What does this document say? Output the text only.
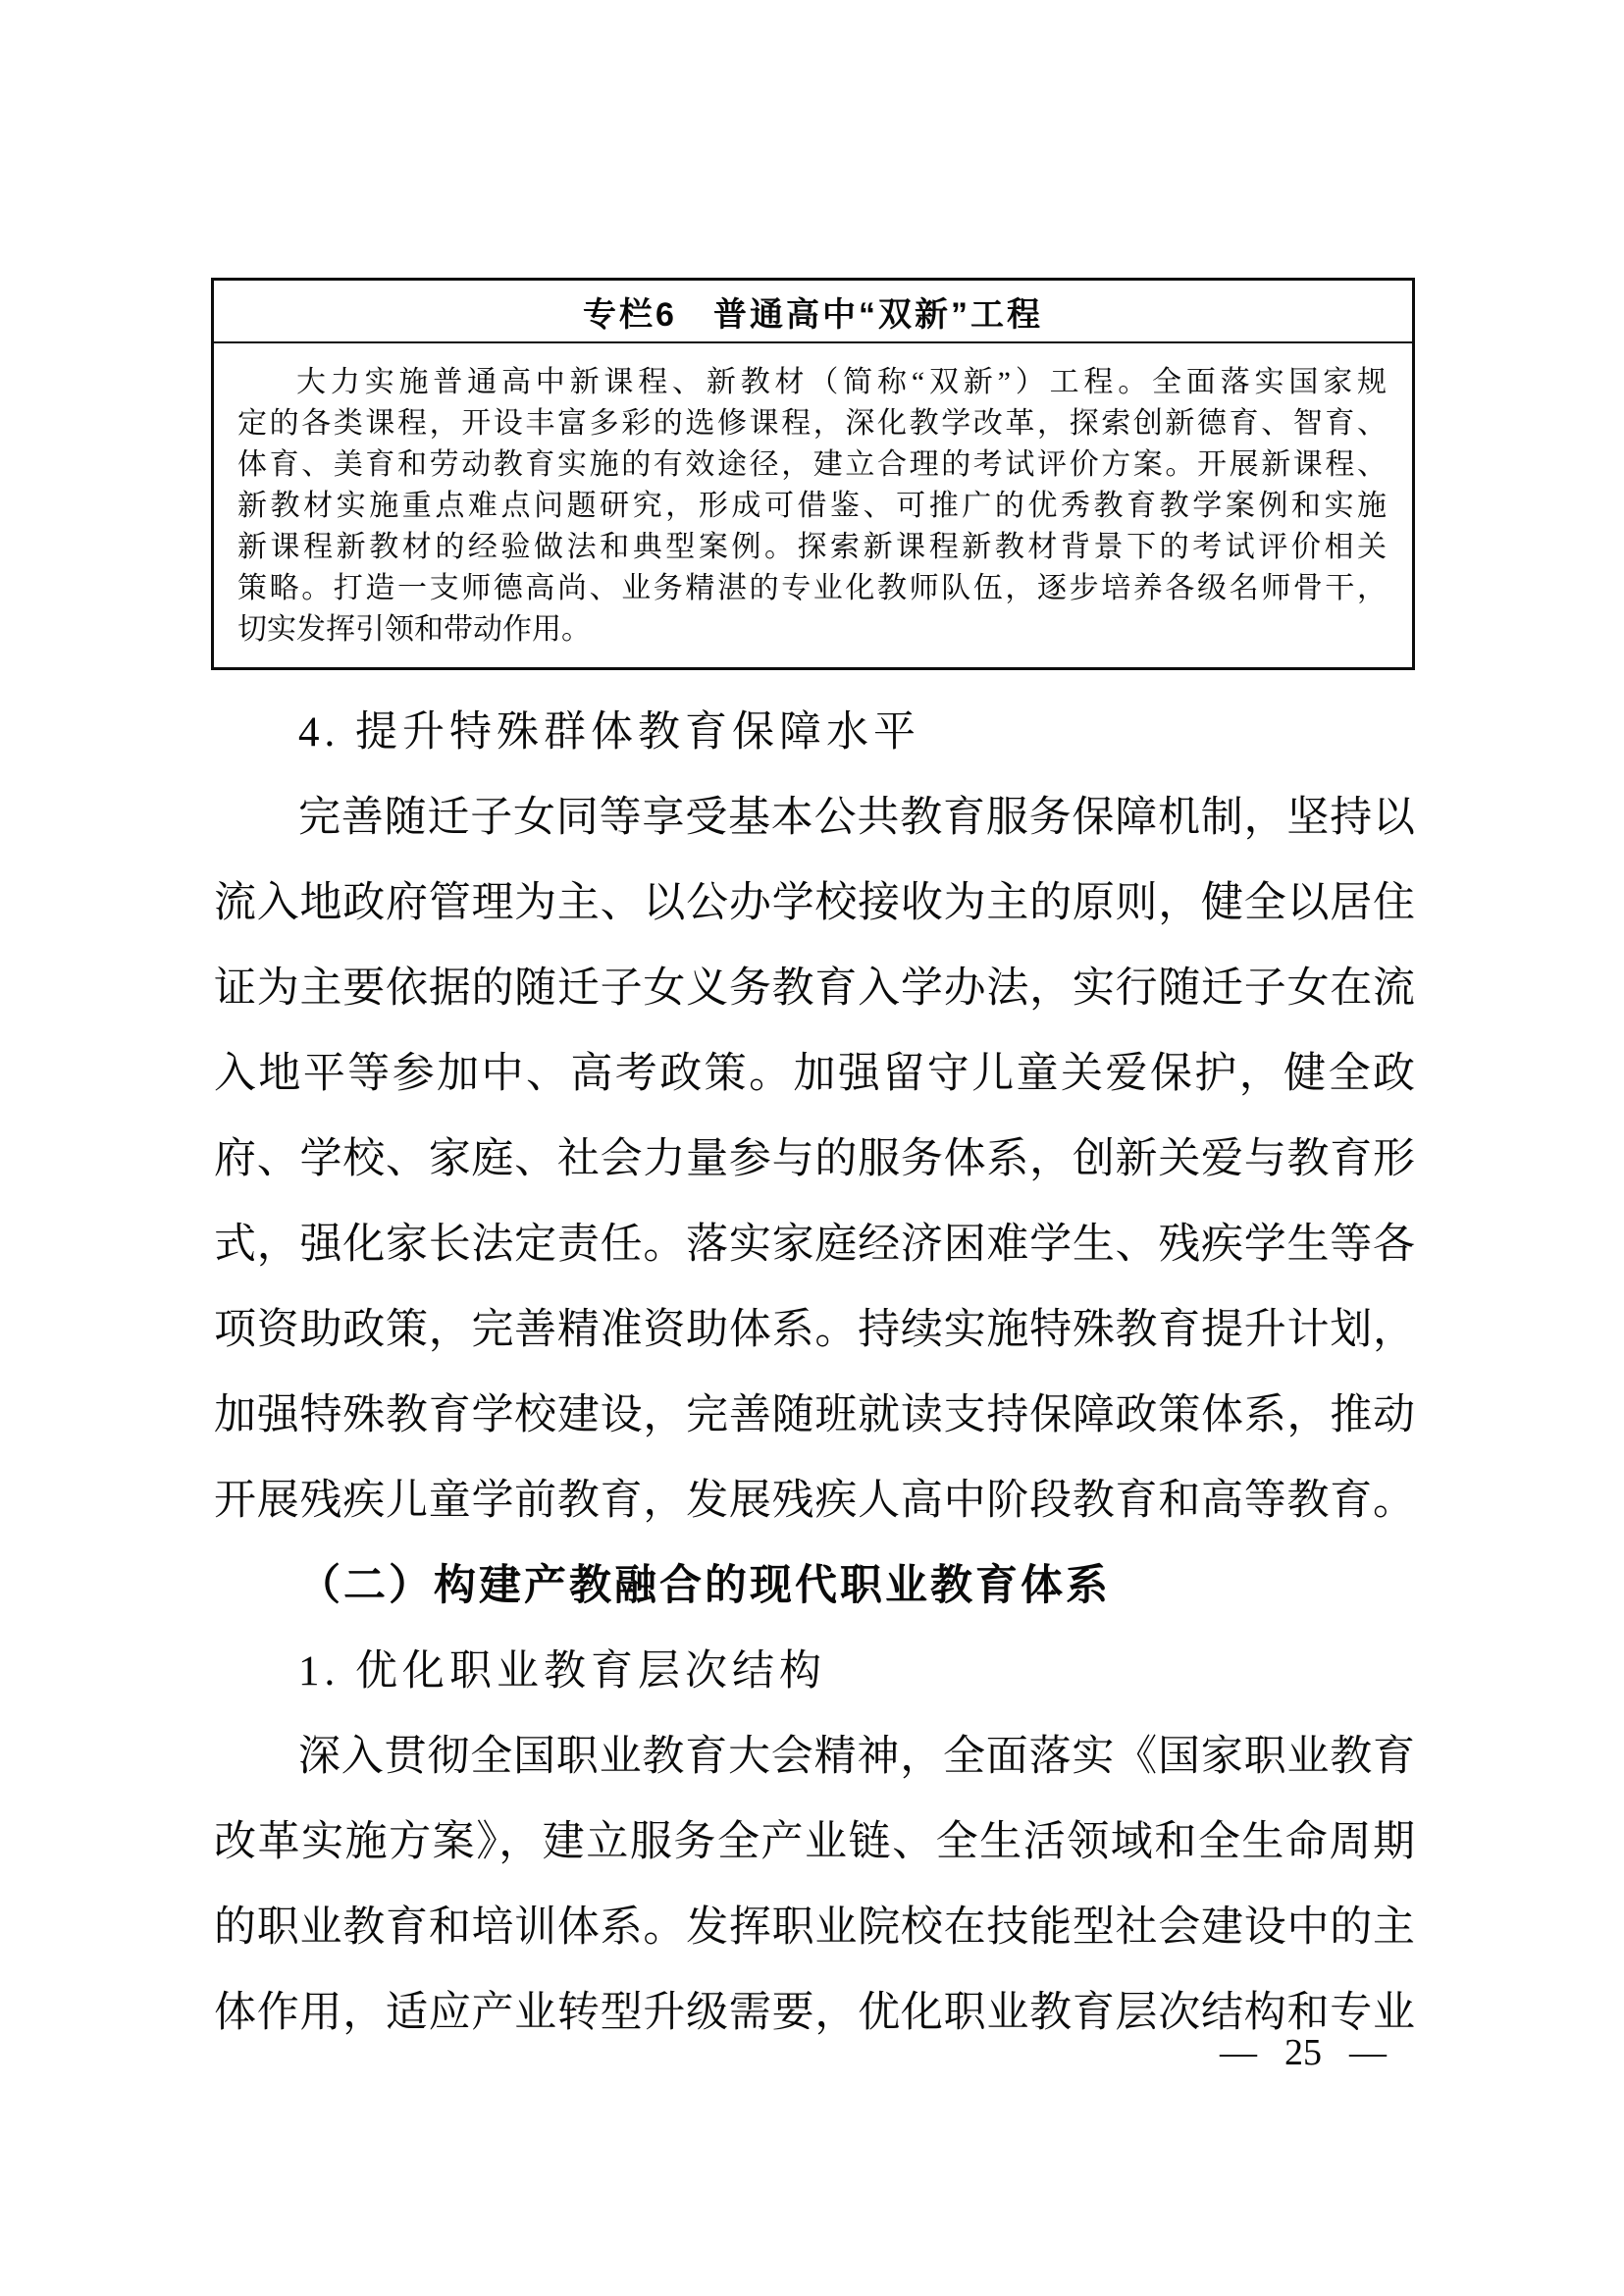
专栏6　普通高中“双新”工程
大力实施普通高中新课程、新教材（简称“双新”）工程。全面落实国家规
定的各类课程，开设丰富多彩的选修课程，深化教学改革，探索创新德育、智育、
体育、美育和劳动教育实施的有效途径，建立合理的考试评价方案。开展新课程、
新教材实施重点难点问题研究，形成可借鉴、可推广的优秀教育教学案例和实施
新课程新教材的经验做法和典型案例。探索新课程新教材背景下的考试评价相关
策略。打造一支师德高尚、业务精湛的专业化教师队伍，逐步培养各级名师骨干，
切实发挥引领和带动作用。
4. 提升特殊群体教育保障水平
完善随迁子女同等享受基本公共教育服务保障机制，坚持以
流入地政府管理为主、以公办学校接收为主的原则，健全以居住
证为主要依据的随迁子女义务教育入学办法，实行随迁子女在流
入地平等参加中、高考政策。加强留守儿童关爱保护，健全政
府、学校、家庭、社会力量参与的服务体系，创新关爱与教育形
式，强化家长法定责任。落实家庭经济困难学生、残疾学生等各
项资助政策，完善精准资助体系。持续实施特殊教育提升计划，
加强特殊教育学校建设，完善随班就读支持保障政策体系，推动
开展残疾儿童学前教育，发展残疾人高中阶段教育和高等教育。
（二）构建产教融合的现代职业教育体系
1. 优化职业教育层次结构
深入贯彻全国职业教育大会精神，全面落实《国家职业教育
改革实施方案》，建立服务全产业链、全生活领域和全生命周期
的职业教育和培训体系。发挥职业院校在技能型社会建设中的主
体作用，适应产业转型升级需要，优化职业教育层次结构和专业
— 25 —
